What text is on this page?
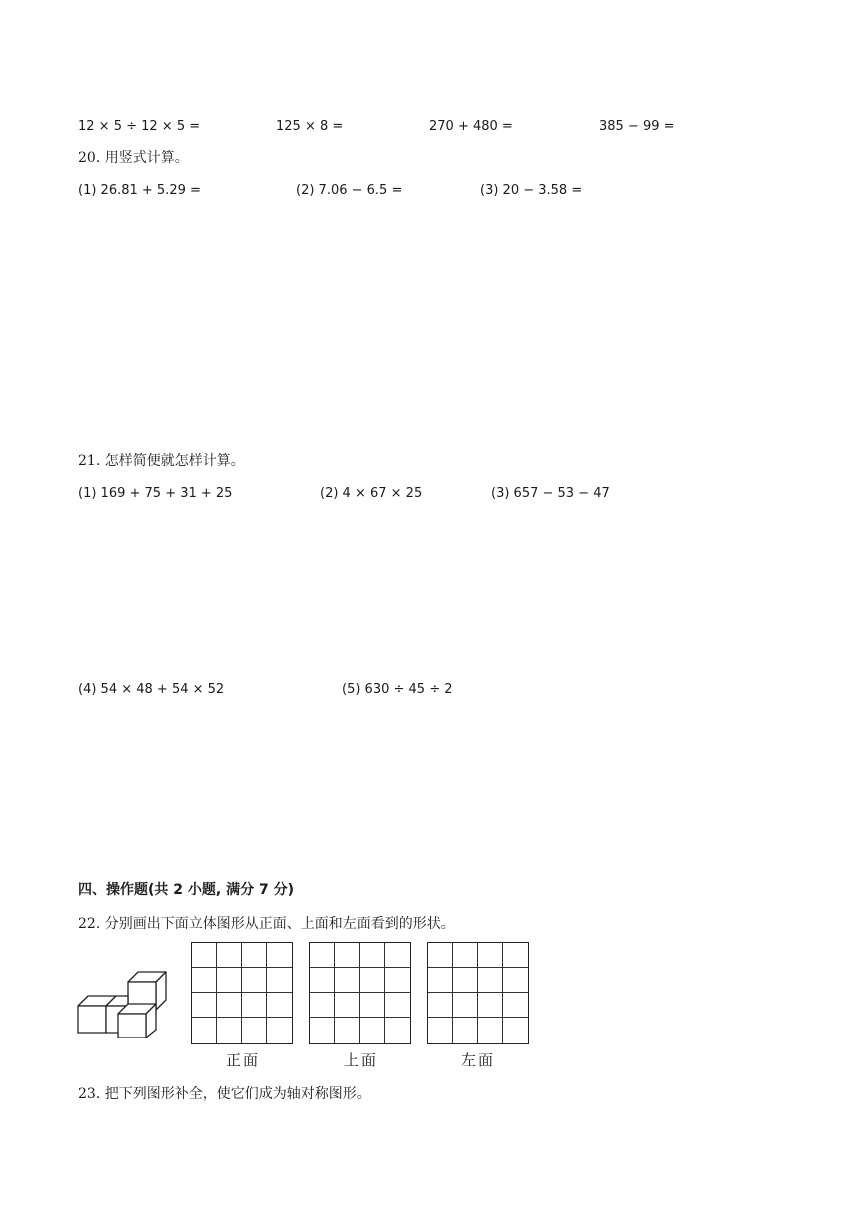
12 × 5 ÷ 12 × 5 =	125 × 8 =	270 + 480 =	385 − 99 =
20. 用竖式计算。
(1) 26.81 + 5.29 =	(2) 7.06 − 6.5 =	(3) 20 − 3.58 =
21. 怎样简便就怎样计算。
(1) 169 + 75 + 31 + 25	(2) 4 × 67 × 25	(3) 657 − 53 − 47
(4) 54 × 48 + 54 × 52	(5) 630 ÷ 45 ÷ 2
四、操作题(共 2 小题, 满分 7 分)
22. 分别画出下面立体图形从正面、上面和左面看到的形状。
正面	上面	左面
23. 把下列图形补全，使它们成为轴对称图形。
